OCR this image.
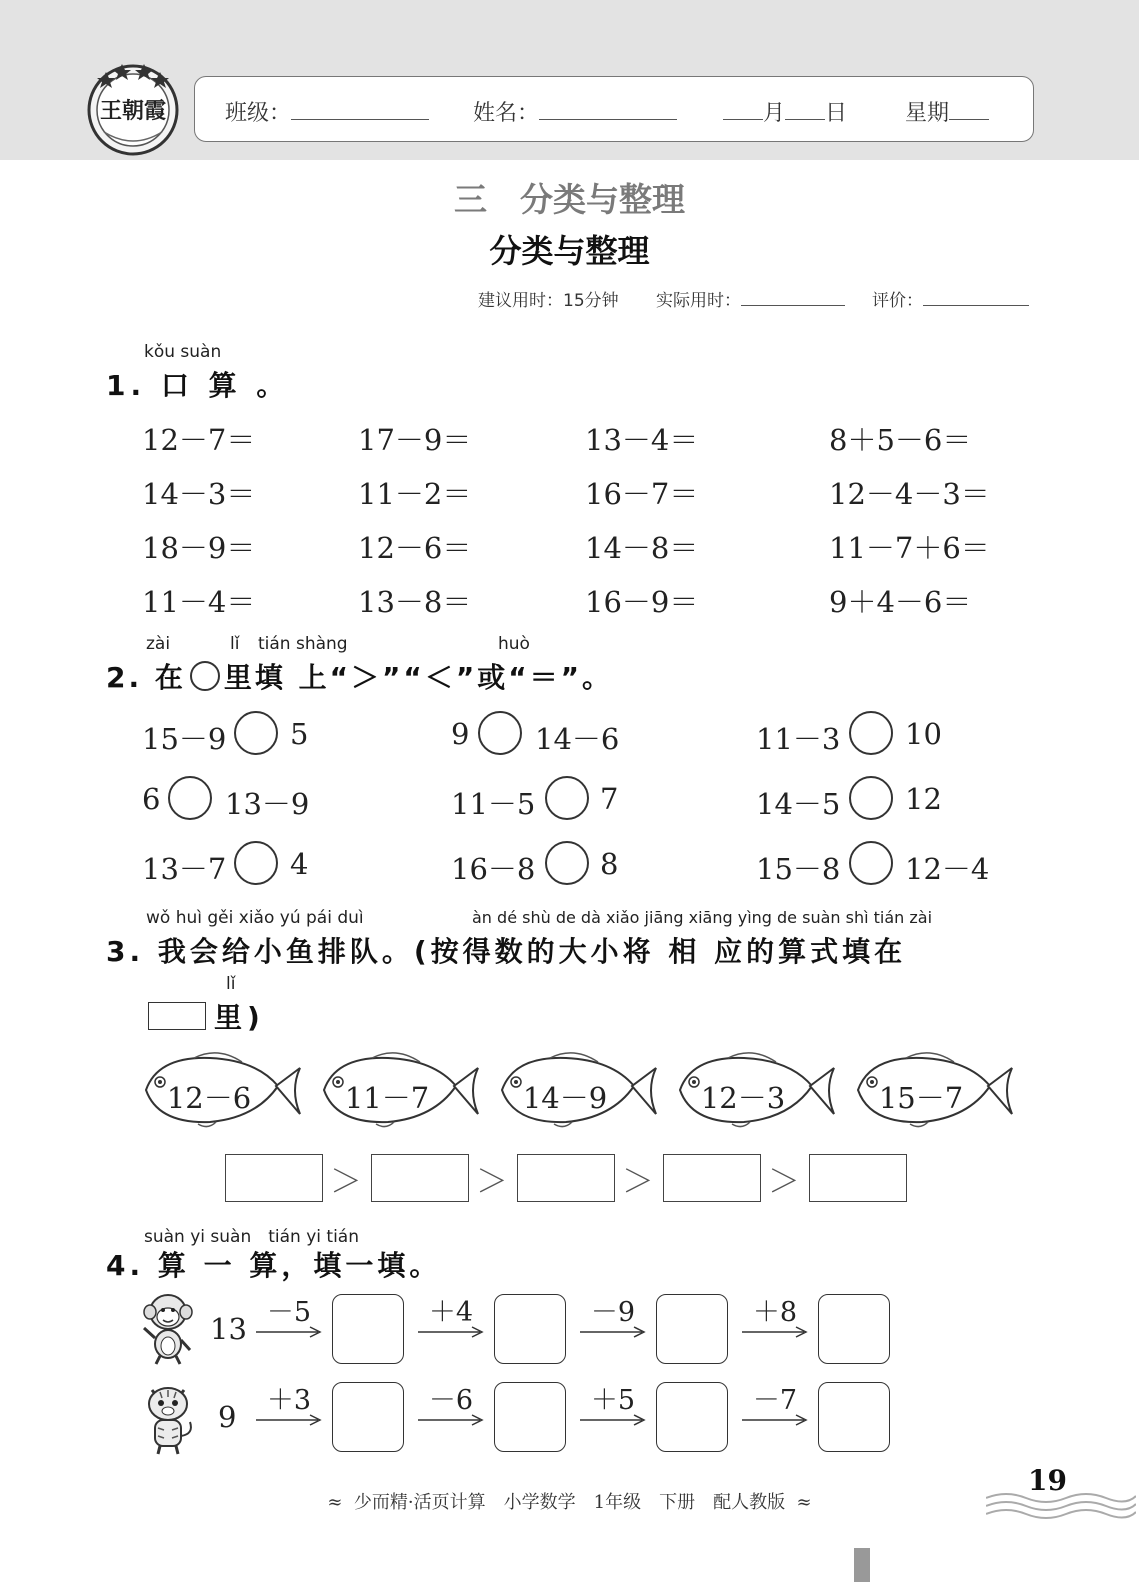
王朝霞	班级：	姓名：	月 日	星期
三　分类与整理
分类与整理
建议用时：15分钟 实际用时：	评价：
kǒu suàn
1. 口 算 。
12－7＝	17－9＝	13－4＝	8＋5－6＝
14－3＝	11－2＝	16－7＝	12－4－3＝
18－9＝	12－6＝	14－8＝	11－7＋6＝
11－4＝	13－8＝	16－9＝	9＋4－6＝
zài	lǐ tián shàng	huò
2. 在 里填 上“＞”“＜”或“＝”。
15－9 5	9 14－6	11－3 10
6 13－9	11－5 7	14－5 12
13－7 4	16－8 8	15－8 12－4
wǒ huì gěi xiǎo yú pái duì	àn dé shù de dà xiǎo jiāng xiāng yìng de suàn shì tián zài
3. 我会给小鱼排队。(按得数的大小将 相 应的算式填在
lǐ
里)
12－6	11－7	14－9	12－3	15－7
＞	＞	＞	＞
suàn yi suàn　tián yi tián
4. 算 一 算，填一填。
13 －5	＋4	－9	＋8
9	＋3	－6	＋5	－7
≈  少而精·活页计算　小学数学　1年级　下册　配人教版  ≈
19
